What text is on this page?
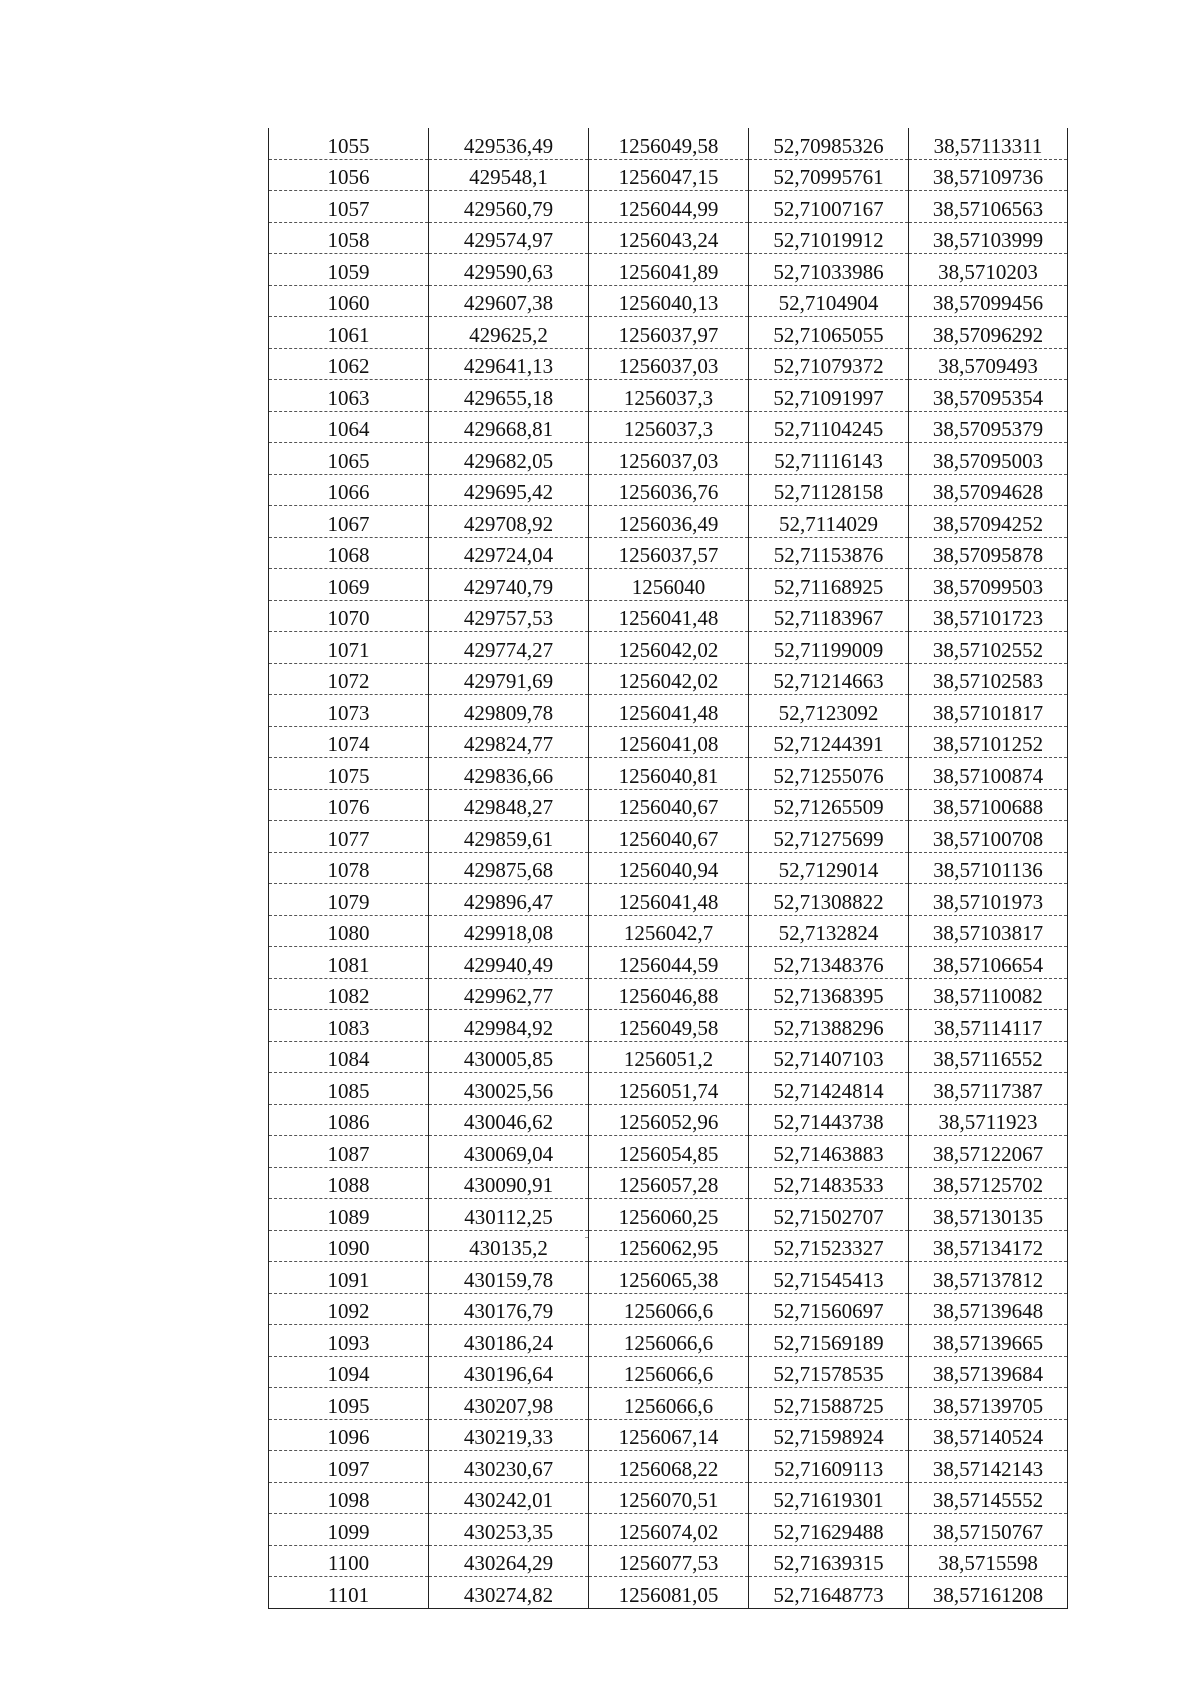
1055	429536,49	1256049,58	52,70985326	38,57113311
1056	429548,1	1256047,15	52,70995761	38,57109736
1057	429560,79	1256044,99	52,71007167	38,57106563
1058	429574,97	1256043,24	52,71019912	38,57103999
1059	429590,63	1256041,89	52,71033986	38,5710203
1060	429607,38	1256040,13	52,7104904	38,57099456
1061	429625,2	1256037,97	52,71065055	38,57096292
1062	429641,13	1256037,03	52,71079372	38,5709493
1063	429655,18	1256037,3	52,71091997	38,57095354
1064	429668,81	1256037,3	52,71104245	38,57095379
1065	429682,05	1256037,03	52,71116143	38,57095003
1066	429695,42	1256036,76	52,71128158	38,57094628
1067	429708,92	1256036,49	52,7114029	38,57094252
1068	429724,04	1256037,57	52,71153876	38,57095878
1069	429740,79	1256040	52,71168925	38,57099503
1070	429757,53	1256041,48	52,71183967	38,57101723
1071	429774,27	1256042,02	52,71199009	38,57102552
1072	429791,69	1256042,02	52,71214663	38,57102583
1073	429809,78	1256041,48	52,7123092	38,57101817
1074	429824,77	1256041,08	52,71244391	38,57101252
1075	429836,66	1256040,81	52,71255076	38,57100874
1076	429848,27	1256040,67	52,71265509	38,57100688
1077	429859,61	1256040,67	52,71275699	38,57100708
1078	429875,68	1256040,94	52,7129014	38,57101136
1079	429896,47	1256041,48	52,71308822	38,57101973
1080	429918,08	1256042,7	52,7132824	38,57103817
1081	429940,49	1256044,59	52,71348376	38,57106654
1082	429962,77	1256046,88	52,71368395	38,57110082
1083	429984,92	1256049,58	52,71388296	38,57114117
1084	430005,85	1256051,2	52,71407103	38,57116552
1085	430025,56	1256051,74	52,71424814	38,57117387
1086	430046,62	1256052,96	52,71443738	38,5711923
1087	430069,04	1256054,85	52,71463883	38,57122067
1088	430090,91	1256057,28	52,71483533	38,57125702
1089	430112,25	1256060,25	52,71502707	38,57130135
1090	430135,2	1256062,95	52,71523327	38,57134172
1091	430159,78	1256065,38	52,71545413	38,57137812
1092	430176,79	1256066,6	52,71560697	38,57139648
1093	430186,24	1256066,6	52,71569189	38,57139665
1094	430196,64	1256066,6	52,71578535	38,57139684
1095	430207,98	1256066,6	52,71588725	38,57139705
1096	430219,33	1256067,14	52,71598924	38,57140524
1097	430230,67	1256068,22	52,71609113	38,57142143
1098	430242,01	1256070,51	52,71619301	38,57145552
1099	430253,35	1256074,02	52,71629488	38,57150767
1100	430264,29	1256077,53	52,71639315	38,5715598
1101	430274,82	1256081,05	52,71648773	38,57161208
